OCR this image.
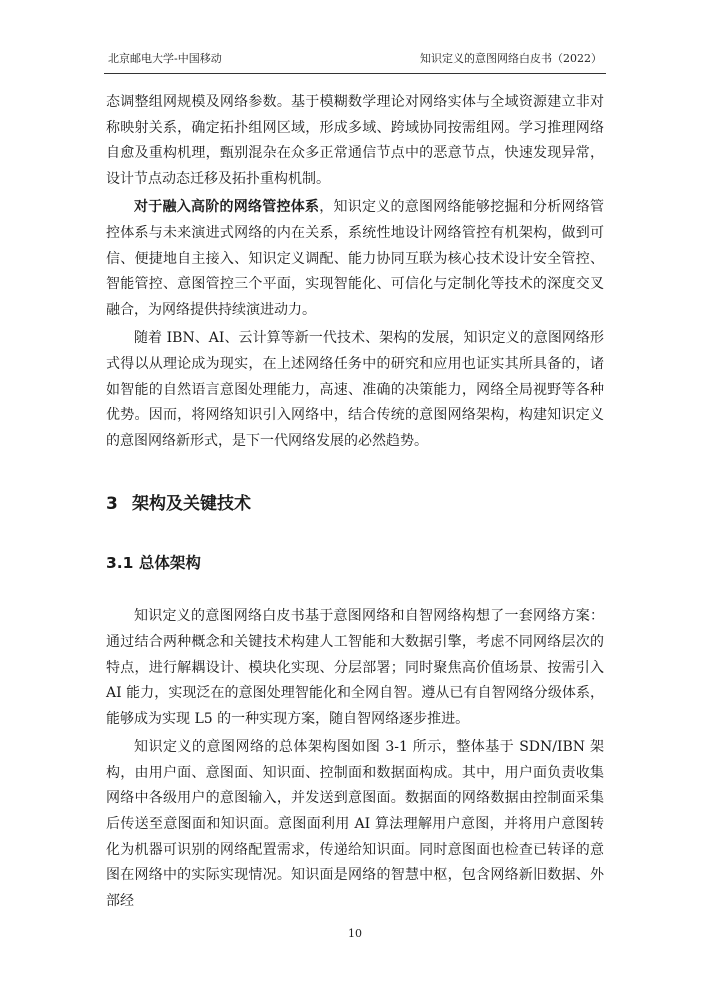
北京邮电大学-中国移动	知识定义的意图网络白皮书（2022）

态调整组网规模及网络参数。基于模糊数学理论对网络实体与全域资源建立非对称映射关系，确定拓扑组网区域，形成多域、跨域协同按需组网。学习推理网络自愈及重构机理，甄别混杂在众多正常通信节点中的恶意节点，快速发现异常，设计节点动态迁移及拓扑重构机制。

对于融入高阶的网络管控体系，知识定义的意图网络能够挖掘和分析网络管控体系与未来演进式网络的内在关系，系统性地设计网络管控有机架构，做到可信、便捷地自主接入、知识定义调配、能力协同互联为核心技术设计安全管控、智能管控、意图管控三个平面，实现智能化、可信化与定制化等技术的深度交叉融合，为网络提供持续演进动力。

随着 IBN、AI、云计算等新一代技术、架构的发展，知识定义的意图网络形式得以从理论成为现实，在上述网络任务中的研究和应用也证实其所具备的，诸如智能的自然语言意图处理能力，高速、准确的决策能力，网络全局视野等各种优势。因而，将网络知识引入网络中，结合传统的意图网络架构，构建知识定义的意图网络新形式，是下一代网络发展的必然趋势。

3 架构及关键技术
3.1 总体架构

知识定义的意图网络白皮书基于意图网络和自智网络构想了一套网络方案：通过结合两种概念和关键技术构建人工智能和大数据引擎，考虑不同网络层次的特点，进行解耦设计、模块化实现、分层部署；同时聚焦高价值场景、按需引入 AI 能力，实现泛在的意图处理智能化和全网自智。遵从已有自智网络分级体系，能够成为实现 L5 的一种实现方案，随自智网络逐步推进。

知识定义的意图网络的总体架构图如图 3-1 所示，整体基于 SDN/IBN 架构，由用户面、意图面、知识面、控制面和数据面构成。其中，用户面负责收集网络中各级用户的意图输入，并发送到意图面。数据面的网络数据由控制面采集后传送至意图面和知识面。意图面利用 AI 算法理解用户意图，并将用户意图转化为机器可识别的网络配置需求，传递给知识面。同时意图面也检查已转译的意图在网络中的实际实现情况。知识面是网络的智慧中枢，包含网络新旧数据、外部经

10
